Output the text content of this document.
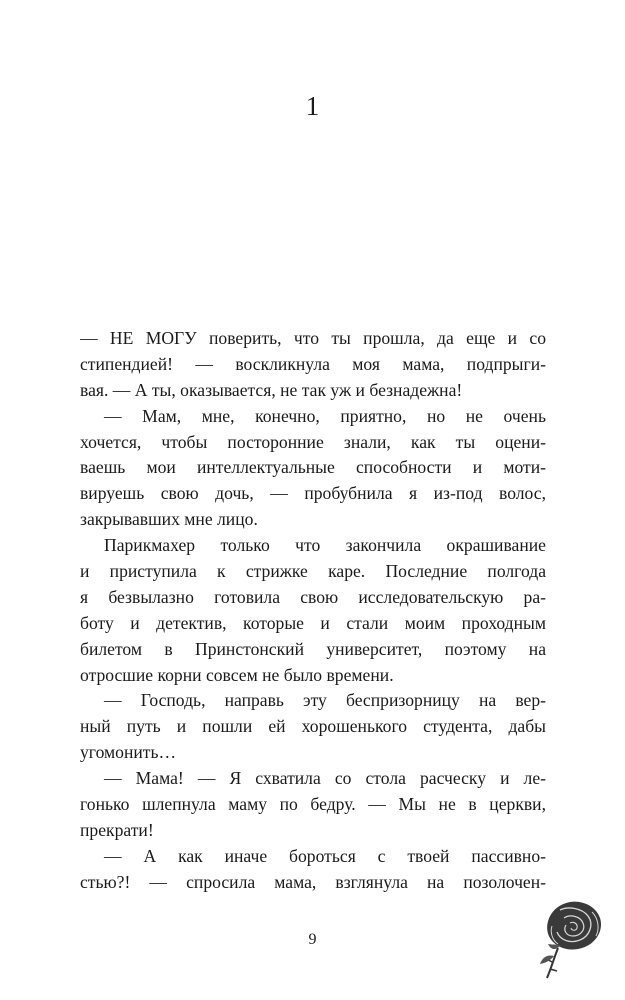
1
— НЕ МОГУ поверить, что ты прошла, да еще и со
стипендией! — воскликнула моя мама, подпрыги-
вая. — А ты, оказывается, не так уж и безнадежна!
— Мам, мне, конечно, приятно, но не очень
хочется, чтобы посторонние знали, как ты оцени-
ваешь мои интеллектуальные способности и моти-
вируешь свою дочь, — пробубнила я из-под волос,
закрывавших мне лицо.
Парикмахер только что закончила окрашивание
и приступила к стрижке каре. Последние полгода
я безвылазно готовила свою исследовательскую ра-
боту и детектив, которые и стали моим проходным
билетом в Принстонский университет, поэтому на
отросшие корни совсем не было времени.
— Господь, направь эту беспризорницу на вер-
ный путь и пошли ей хорошенького студента, дабы
угомонить…
— Мама! — Я схватила со стола расческу и ле-
гонько шлепнула маму по бедру. — Мы не в церкви,
прекрати!
— А как иначе бороться с твоей пассивно-
стью?! — спросила мама, взглянула на позолочен-
9
